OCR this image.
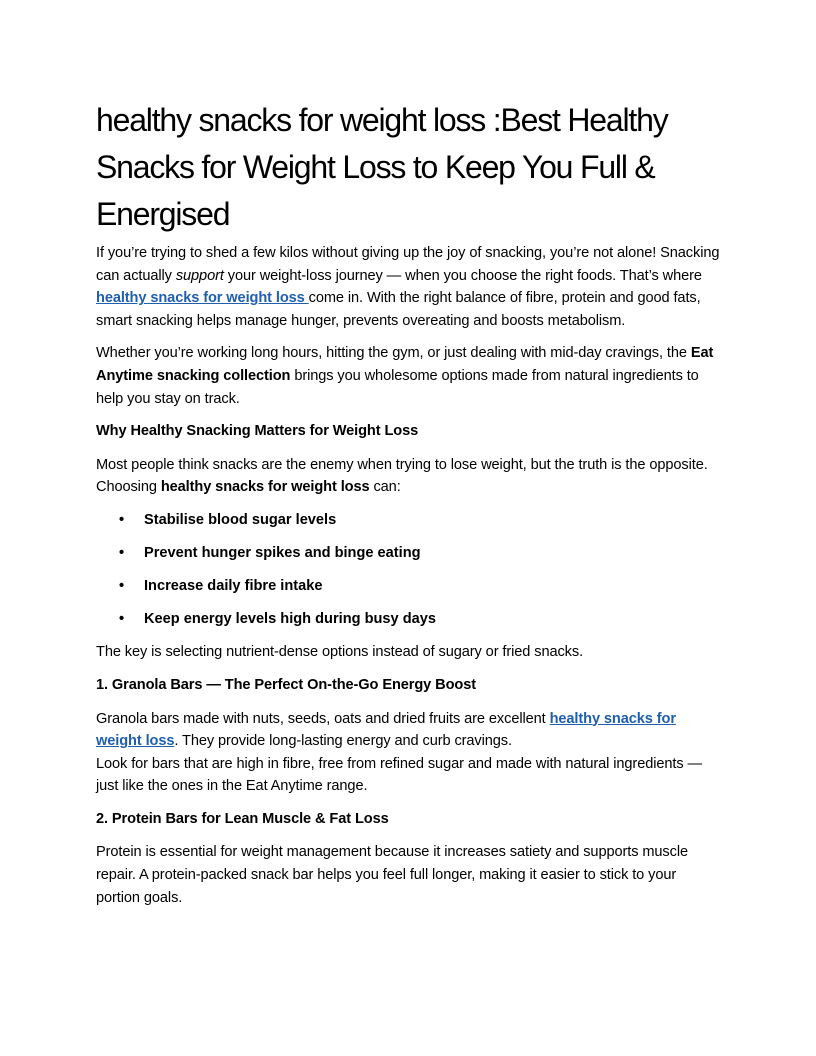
healthy snacks for weight loss :Best Healthy Snacks for Weight Loss to Keep You Full & Energised

If you’re trying to shed a few kilos without giving up the joy of snacking, you’re not alone! Snacking can actually support your weight-loss journey — when you choose the right foods. That’s where healthy snacks for weight loss come in. With the right balance of fibre, protein and good fats, smart snacking helps manage hunger, prevents overeating and boosts metabolism.

Whether you’re working long hours, hitting the gym, or just dealing with mid-day cravings, the Eat Anytime snacking collection brings you wholesome options made from natural ingredients to help you stay on track.

Why Healthy Snacking Matters for Weight Loss

Most people think snacks are the enemy when trying to lose weight, but the truth is the opposite. Choosing healthy snacks for weight loss can:

• Stabilise blood sugar levels
• Prevent hunger spikes and binge eating
• Increase daily fibre intake
• Keep energy levels high during busy days

The key is selecting nutrient-dense options instead of sugary or fried snacks.

1. Granola Bars — The Perfect On-the-Go Energy Boost

Granola bars made with nuts, seeds, oats and dried fruits are excellent healthy snacks for weight loss. They provide long-lasting energy and curb cravings.
Look for bars that are high in fibre, free from refined sugar and made with natural ingredients — just like the ones in the Eat Anytime range.

2. Protein Bars for Lean Muscle & Fat Loss

Protein is essential for weight management because it increases satiety and supports muscle repair. A protein-packed snack bar helps you feel full longer, making it easier to stick to your portion goals.
